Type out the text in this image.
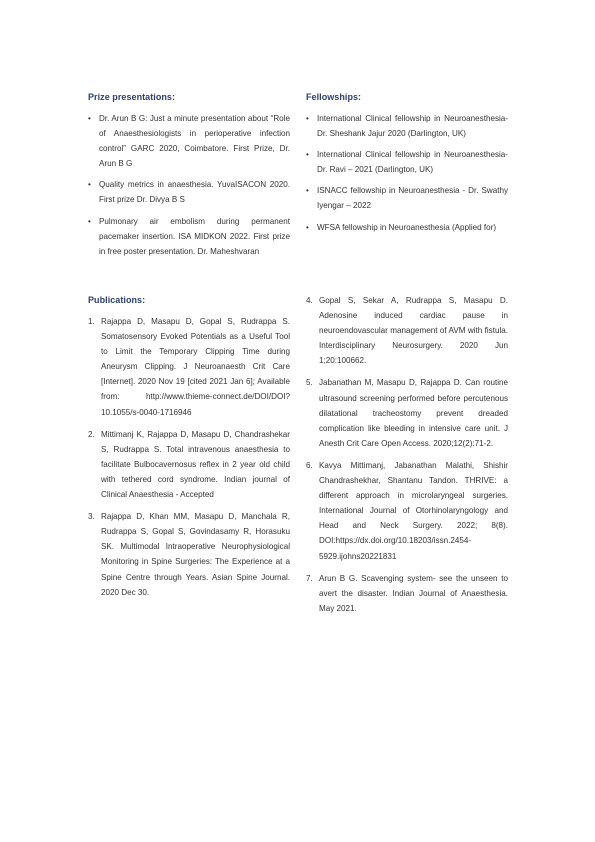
Prize presentations:
• Dr. Arun B G: Just a minute presentation about “Role of Anaesthesiologists in perioperative infection control” GARC 2020, Coimbatore. First Prize, Dr. Arun B G
• Quality metrics in anaesthesia. YuvaISACON 2020. First prize Dr. Divya B S
• Pulmonary air embolism during permanent pacemaker insertion. ISA MIDKON 2022. First prize in free poster presentation. Dr. Maheshvaran
Fellowships:
• International Clinical fellowship in Neuroanesthesia- Dr. Sheshank Jajur 2020 (Darlington, UK)
• International Clinical fellowship in Neuroanesthesia- Dr. Ravi – 2021 (Darlington, UK)
• ISNACC fellowship in Neuroanesthesia - Dr. Swathy Iyengar – 2022
• WFSA fellowship in Neuroanesthesia (Applied for)
Publications:
1. Rajappa D, Masapu D, Gopal S, Rudrappa S. Somatosensory Evoked Potentials as a Useful Tool to Limit the Temporary Clipping Time during Aneurysm Clipping. J Neuroanaesth Crit Care [Internet]. 2020 Nov 19 [cited 2021 Jan 6]; Available from: http://www.thieme-connect.de/DOI/DOI?10.1055/s-0040-1716946
2. Mittimanj K, Rajappa D, Masapu D, Chandrashekar S, Rudrappa S. Total intravenous anaesthesia to facilitate Bulbocavernosus reflex in 2 year old child with tethered cord syndrome. Indian journal of Clinical Anaesthesia - Accepted
3. Rajappa D, Khan MM, Masapu D, Manchala R, Rudrappa S, Gopal S, Govindasamy R, Horasuku SK. Multimodal Intraoperative Neurophysiological Monitoring in Spine Surgeries: The Experience at a Spine Centre through Years. Asian Spine Journal. 2020 Dec 30.
4. Gopal S, Sekar A, Rudrappa S, Masapu D. Adenosine induced cardiac pause in neuroendovascular management of AVM with fistula. Interdisciplinary Neurosurgery. 2020 Jun 1;20:100662.
5. Jabanathan M, Masapu D, Rajappa D. Can routine ultrasound screening performed before percutenous dilatational tracheostomy prevent dreaded complication like bleeding in intensive care unit. J Anesth Crit Care Open Access. 2020;12(2):71-2.
6. Kavya Mittimanj, Jabanathan Malathi, Shishir Chandrashekhar, Shantanu Tandon. THRIVE: a different approach in microlaryngeal surgeries. International Journal of Otorhinolaryngology and Head and Neck Surgery. 2022; 8(8). DOI:https://dx.doi.org/10.18203/issn.2454-5929.ijohns20221831
7. Arun B G. Scavenging system- see the unseen to avert the disaster. Indian Journal of Anaesthesia. May 2021.
